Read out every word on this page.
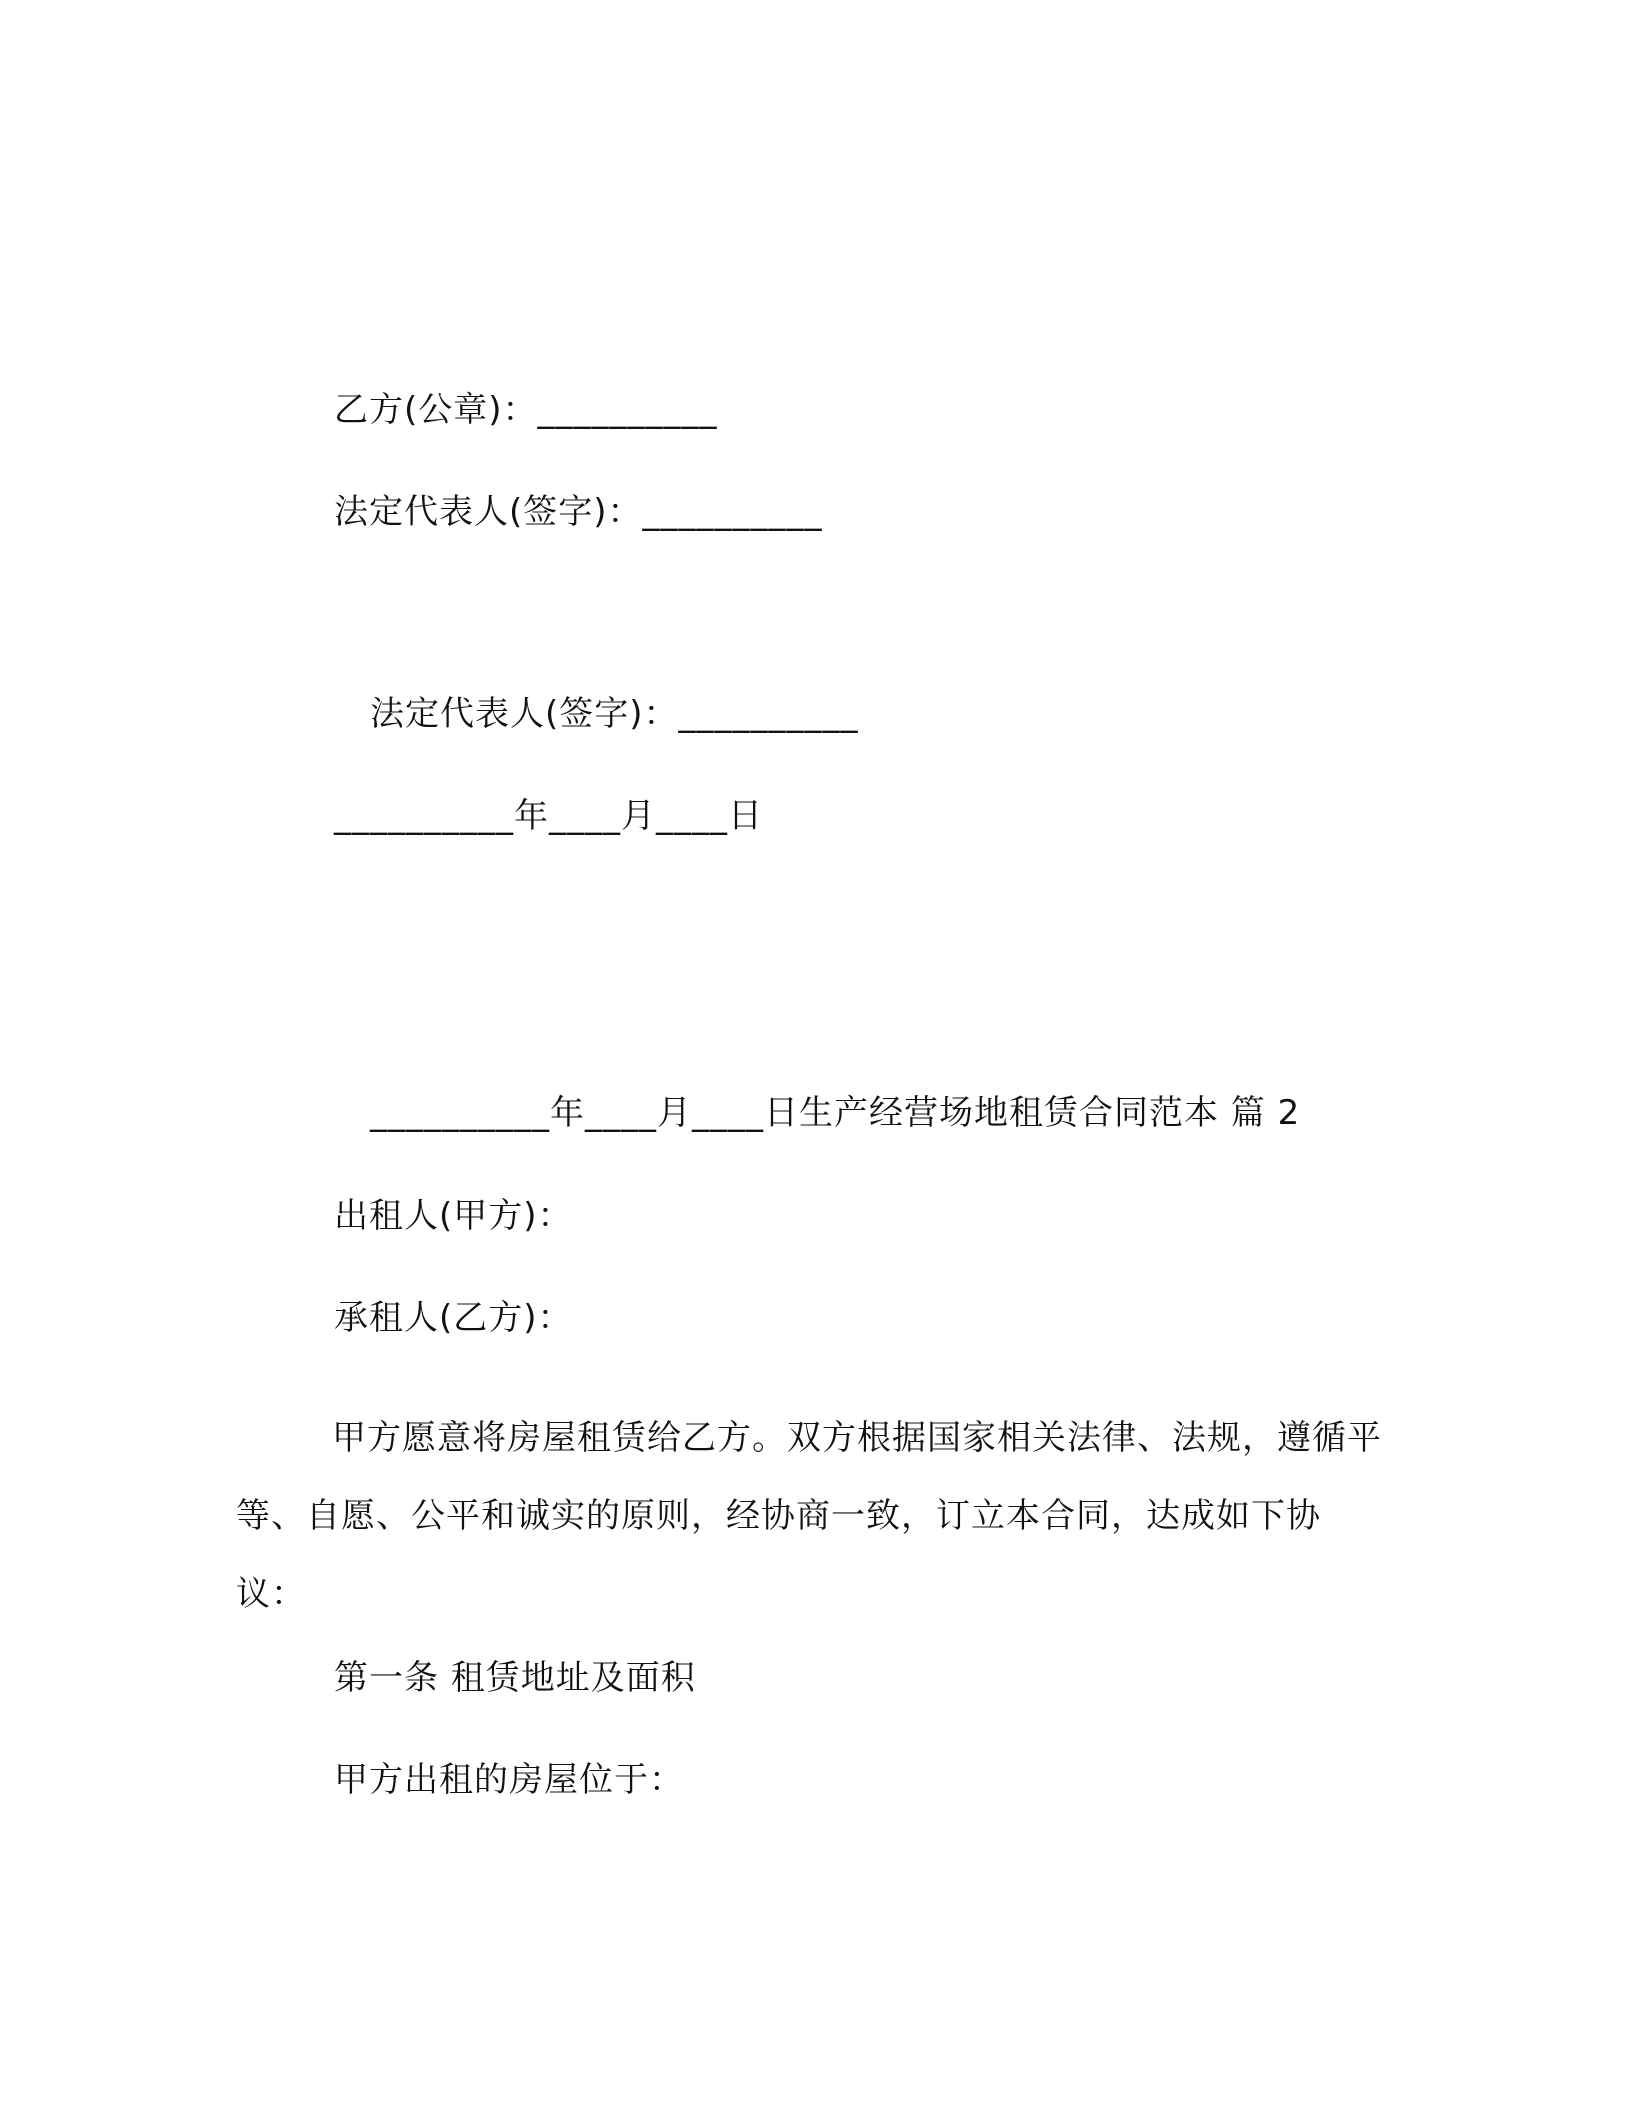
乙方(公章)：__________
法定代表人(签字)：__________
法定代表人(签字)：__________
__________年____月____日
__________年____月____日生产经营场地租赁合同范本 篇 2
出租人(甲方)：
承租人(乙方)：
甲方愿意将房屋租赁给乙方。双方根据国家相关法律、法规，遵循平等、自愿、公平和诚实的原则，经协商一致，订立本合同，达成如下协议：
第一条 租赁地址及面积
甲方出租的房屋位于：
